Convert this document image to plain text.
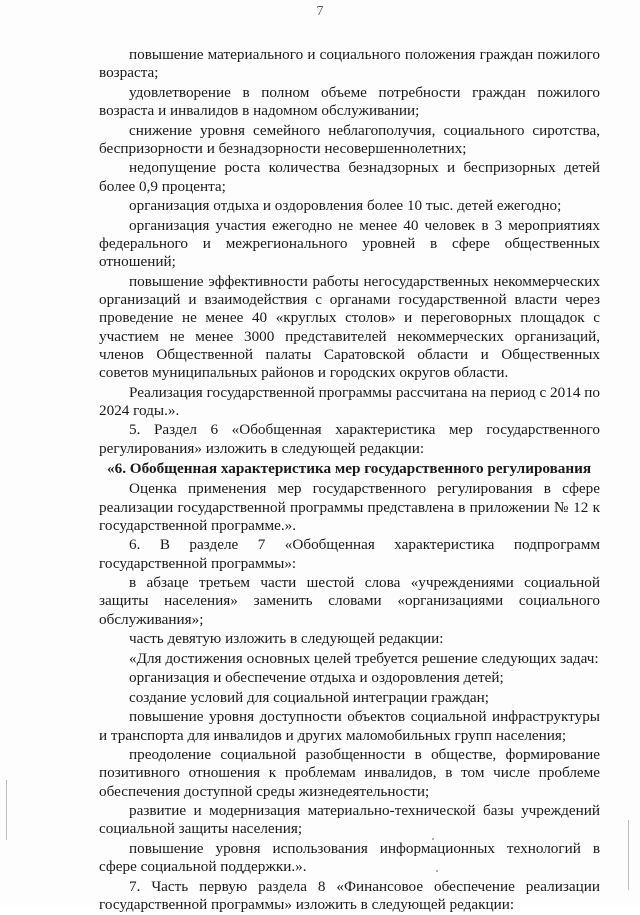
7

повышение материального и социального положения граждан пожилого возраста;

удовлетворение в полном объеме потребности граждан пожилого возраста и инвалидов в надомном обслуживании;

снижение уровня семейного неблагополучия, социального сиротства, беспризорности и безнадзорности несовершеннолетних;

недопущение роста количества безнадзорных и беспризорных детей более 0,9 процента;

организация отдыха и оздоровления более 10 тыс. детей ежегодно;

организация участия ежегодно не менее 40 человек в 3 мероприятиях федерального и межрегионального уровней в сфере общественных отношений;

повышение эффективности работы негосударственных некоммерческих организаций и взаимодействия с органами государственной власти через проведение не менее 40 «круглых столов» и переговорных площадок с участием не менее 3000 представителей некоммерческих организаций, членов Общественной палаты Саратовской области и Общественных советов муниципальных районов и городских округов области.

Реализация государственной программы рассчитана на период с 2014 по 2024 годы.».

5. Раздел 6 «Обобщенная характеристика мер государственного регулирования» изложить в следующей редакции:

«6. Обобщенная характеристика мер государственного регулирования

Оценка применения мер государственного регулирования в сфере реализации государственной программы представлена в приложении № 12 к государственной программе.».

6. В разделе 7 «Обобщенная характеристика подпрограмм государственной программы»:

в абзаце третьем части шестой слова «учреждениями социальной защиты населения» заменить словами «организациями социального обслуживания»;

часть девятую изложить в следующей редакции:

«Для достижения основных целей требуется решение следующих задач:

организация и обеспечение отдыха и оздоровления детей;

создание условий для социальной интеграции граждан;

повышение уровня доступности объектов социальной инфраструктуры и транспорта для инвалидов и других маломобильных групп населения;

преодоление социальной разобщенности в обществе, формирование позитивного отношения к проблемам инвалидов, в том числе проблеме обеспечения доступной среды жизнедеятельности;

развитие и модернизация материально-технической базы учреждений социальной защиты населения;

повышение уровня использования информационных технологий в сфере социальной поддержки.».

7. Часть первую раздела 8 «Финансовое обеспечение реализации государственной программы» изложить в следующей редакции:
